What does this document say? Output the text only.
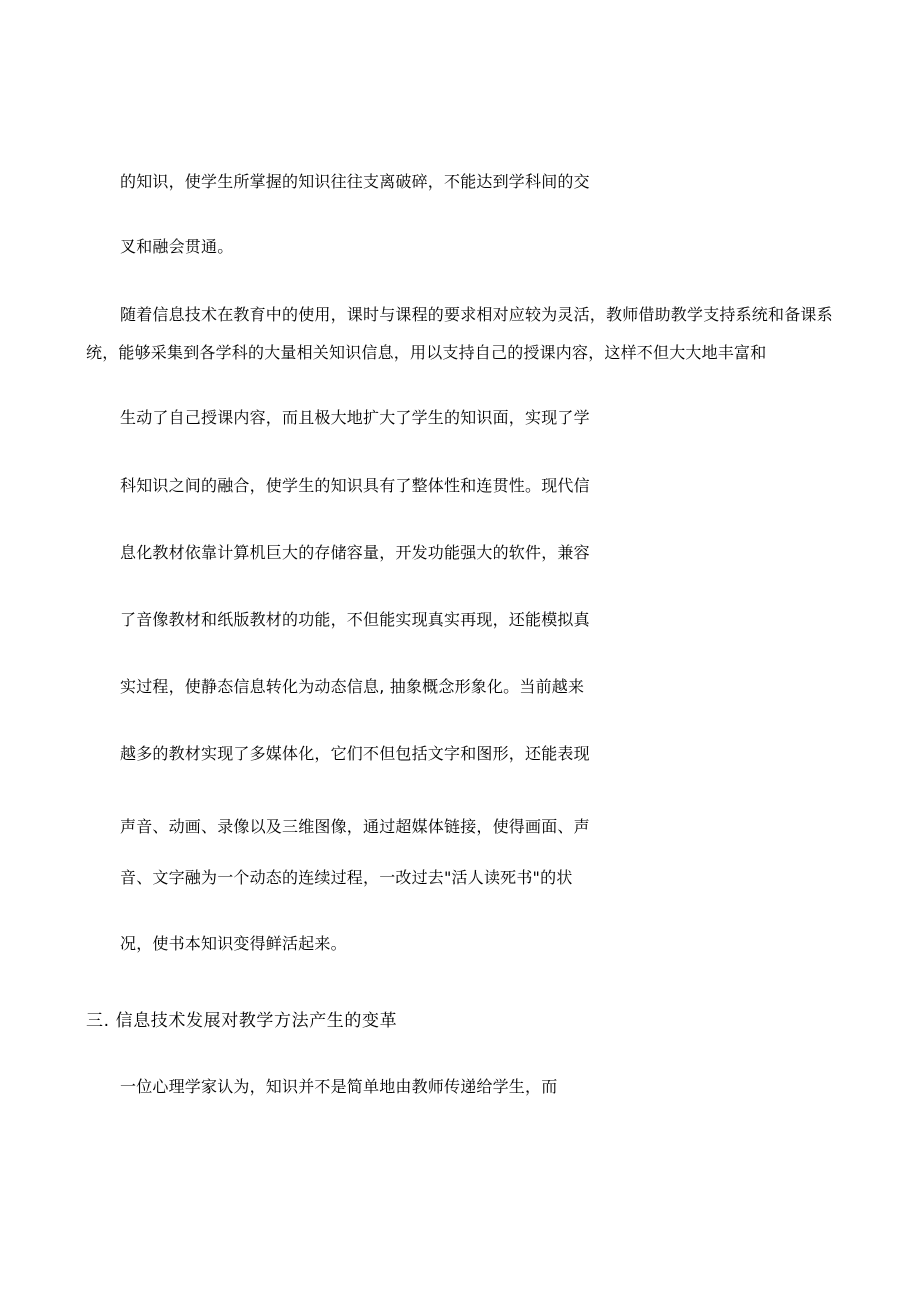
的知识，使学生所掌握的知识往往支离破碎，不能达到学科间的交
叉和融会贯通。
随着信息技术在教育中的使用，课时与课程的要求相对应较为灵活，教师借助教学支持系统和备课系
统，能够采集到各学科的大量相关知识信息，用以支持自己的授课内容，这样不但大大地丰富和
生动了自己授课内容，而且极大地扩大了学生的知识面，实现了学
科知识之间的融合，使学生的知识具有了整体性和连贯性。现代信
息化教材依靠计算机巨大的存储容量，开发功能强大的软件，兼容
了音像教材和纸版教材的功能，不但能实现真实再现，还能模拟真
实过程，使静态信息转化为动态信息, 抽象概念形象化。当前越来
越多的教材实现了多媒体化，它们不但包括文字和图形，还能表现
声音、动画、录像以及三维图像，通过超媒体链接，使得画面、声
音、文字融为一个动态的连续过程，一改过去"活人读死书"的状
况，使书本知识变得鲜活起来。
三. 信息技术发展对教学方法产生的变革
一位心理学家认为，知识并不是简单地由教师传递给学生，而
